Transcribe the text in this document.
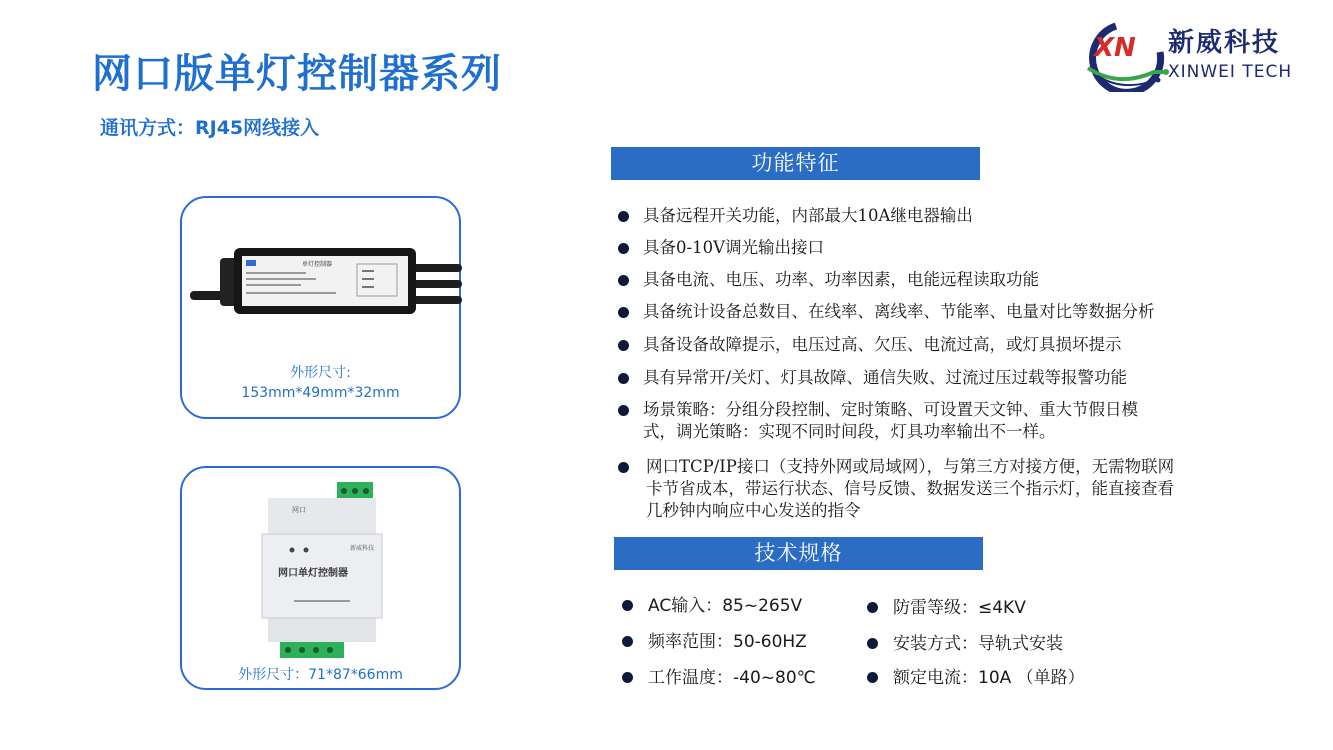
网口版单灯控制器系列
通讯方式：RJ45网线接入
XN 新威科技
XINWEI TECH
单灯控制器
外形尺寸:
153mm*49mm*32mm
网口
新威科技
网口单灯控制器
外形尺寸：71*87*66mm
功能特征
具备远程开关功能，内部最大10A继电器输出
具备0-10V调光输出接口
具备电流、电压、功率、功率因素，电能远程读取功能
具备统计设备总数目、在线率、离线率、节能率、电量对比等数据分析
具备设备故障提示，电压过高、欠压、电流过高，或灯具损坏提示
具有异常开/关灯、灯具故障、通信失败、过流过压过载等报警功能
场景策略：分组分段控制、定时策略、可设置天文钟、重大节假日模
式，调光策略：实现不同时间段，灯具功率输出不一样。
网口TCP/IP接口（支持外网或局域网），与第三方对接方便，无需物联网
卡节省成本，带运行状态、信号反馈、数据发送三个指示灯，能直接查看
几秒钟内响应中心发送的指令
技术规格
AC输入：85~265V
频率范围：50-60HZ
工作温度：-40~80℃
防雷等级：≤4KV
安装方式：导轨式安装
额定电流：10A （单路）
